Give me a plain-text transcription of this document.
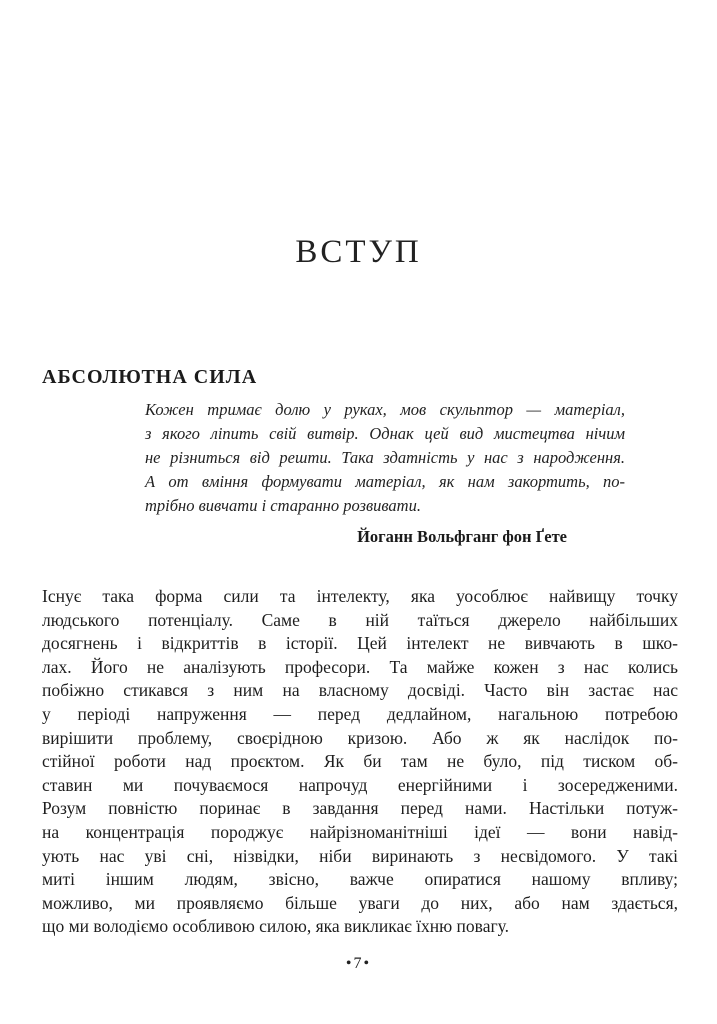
ВСТУП
АБСОЛЮТНА СИЛА
Кожен тримає долю у руках, мов скульптор — матеріал,
з якого ліпить свій витвір. Однак цей вид мистецтва нічим
не різниться від решти. Така здатність у нас з народження.
А от вміння формувати матеріал, як нам закортить, по-
трібно вивчати і старанно розвивати.
Йоганн Вольфганг фон Ґете
Існує така форма сили та інтелекту, яка уособлює найвищу точку
людського потенціалу. Саме в ній таїться джерело найбільших
досягнень і відкриттів в історії. Цей інтелект не вивчають в шко-
лах. Його не аналізують професори. Та майже кожен з нас колись
побіжно стикався з ним на власному досвіді. Часто він застає нас
у періоді напруження — перед дедлайном, нагальною потребою
вирішити проблему, своєрідною кризою. Або ж як наслідок по-
стійної роботи над проєктом. Як би там не було, під тиском об-
ставин ми почуваємося напрочуд енергійними і зосередженими.
Розум повністю поринає в завдання перед нами. Настільки потуж-
на концентрація породжує найрізноманітніші ідеї — вони навід-
ують нас уві сні, нізвідки, ніби виринають з несвідомого. У такі
миті іншим людям, звісно, важче опиратися нашому впливу;
можливо, ми проявляємо більше уваги до них, або нам здається,
що ми володіємо особливою силою, яка викликає їхню повагу.
•7•
